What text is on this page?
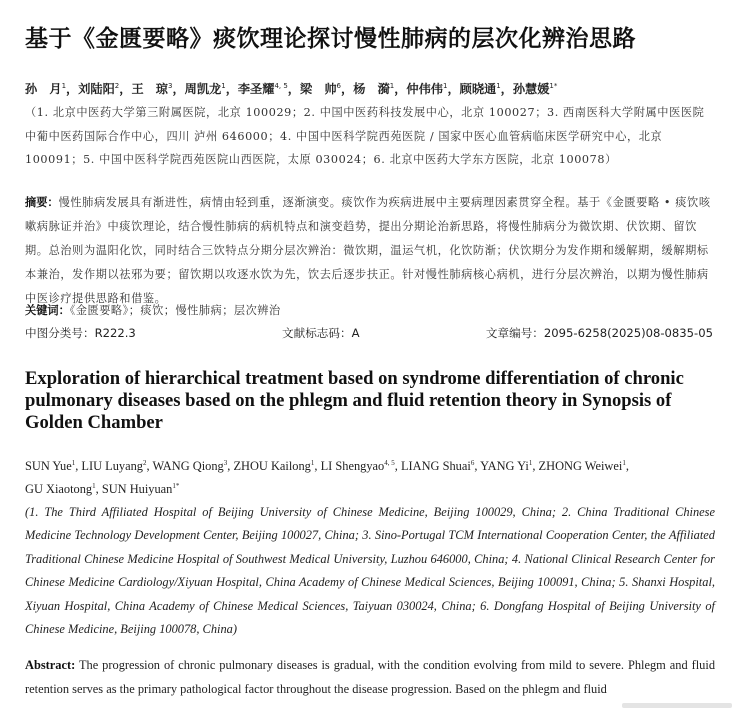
基于《金匮要略》痰饮理论探讨慢性肺病的层次化辨治思路
孙　月$^1$，刘陆阳$^2$，王　琼$^3$，周凯龙$^1$，李圣耀$^{4, 5}$，梁　帅$^6$，杨　漪$^1$，仲伟伟$^1$，顾晓通$^1$，孙慧媛$^{1*}$
（1. 北京中医药大学第三附属医院，北京 100029；2. 中国中医药科技发展中心，北京 100027；3. 西南医科大学附属中医医院中葡中医药国际合作中心，四川 泸州 646000；4. 中国中医科学院西苑医院 / 国家中医心血管病临床医学研究中心，北京 100091；5. 中国中医科学院西苑医院山西医院，太原 030024；6. 北京中医药大学东方医院，北京 100078）
摘要：慢性肺病发展具有渐进性，病情由轻到重，逐渐演变。痰饮作为疾病进展中主要病理因素贯穿全程。基于《金匮要略 • 痰饮咳嗽病脉证并治》中痰饮理论，结合慢性肺病的病机特点和演变趋势，提出分期论治新思路，将慢性肺病分为微饮期、伏饮期、留饮期。总治则为温阳化饮，同时结合三饮特点分期分层次辨治：微饮期，温运气机，化饮防渐；伏饮期分为发作期和缓解期，缓解期标本兼治，发作期以祛邪为要；留饮期以攻逐水饮为先，饮去后逐步扶正。针对慢性肺病核心病机，进行分层次辨治，以期为慢性肺病中医诊疗提供思路和借鉴。
关键词：《金匮要略》；痰饮；慢性肺病；层次辨治
中图分类号：R222.3	文献标志码：A	文章编号：2095-6258(2025)08-0835-05
Exploration of hierarchical treatment based on syndrome differentiation of chronic pulmonary diseases based on the phlegm and fluid retention theory in Synopsis of Golden Chamber
SUN Yue$^1$, LIU Luyang$^2$, WANG Qiong$^3$, ZHOU Kailong$^1$, LI Shengyao$^{4, 5}$, LIANG Shuai$^6$, YANG Yi$^1$, ZHONG Weiwei$^1$,
GU Xiaotong$^1$, SUN Huiyuan$^{1*}$
(1. The Third Affiliated Hospital of Beijing University of Chinese Medicine, Beijing 100029, China; 2. China Traditional Chinese Medicine Technology Development Center, Beijing 100027, China; 3. Sino-Portugal TCM International Cooperation Center, the Affiliated Traditional Chinese Medicine Hospital of Southwest Medical University, Luzhou 646000, China; 4. National Clinical Research Center for Chinese Medicine Cardiology/Xiyuan Hospital, China Academy of Chinese Medical Sciences, Beijing 100091, China; 5. Shanxi Hospital, Xiyuan Hospital, China Academy of Chinese Medical Sciences, Taiyuan 030024, China; 6. Dongfang Hospital of Beijing University of Chinese Medicine, Beijing 100078, China)
Abstract: The progression of chronic pulmonary diseases is gradual, with the condition evolving from mild to severe. Phlegm and fluid retention serves as the primary pathological factor throughout the disease progression. Based on the phlegm and fluid
